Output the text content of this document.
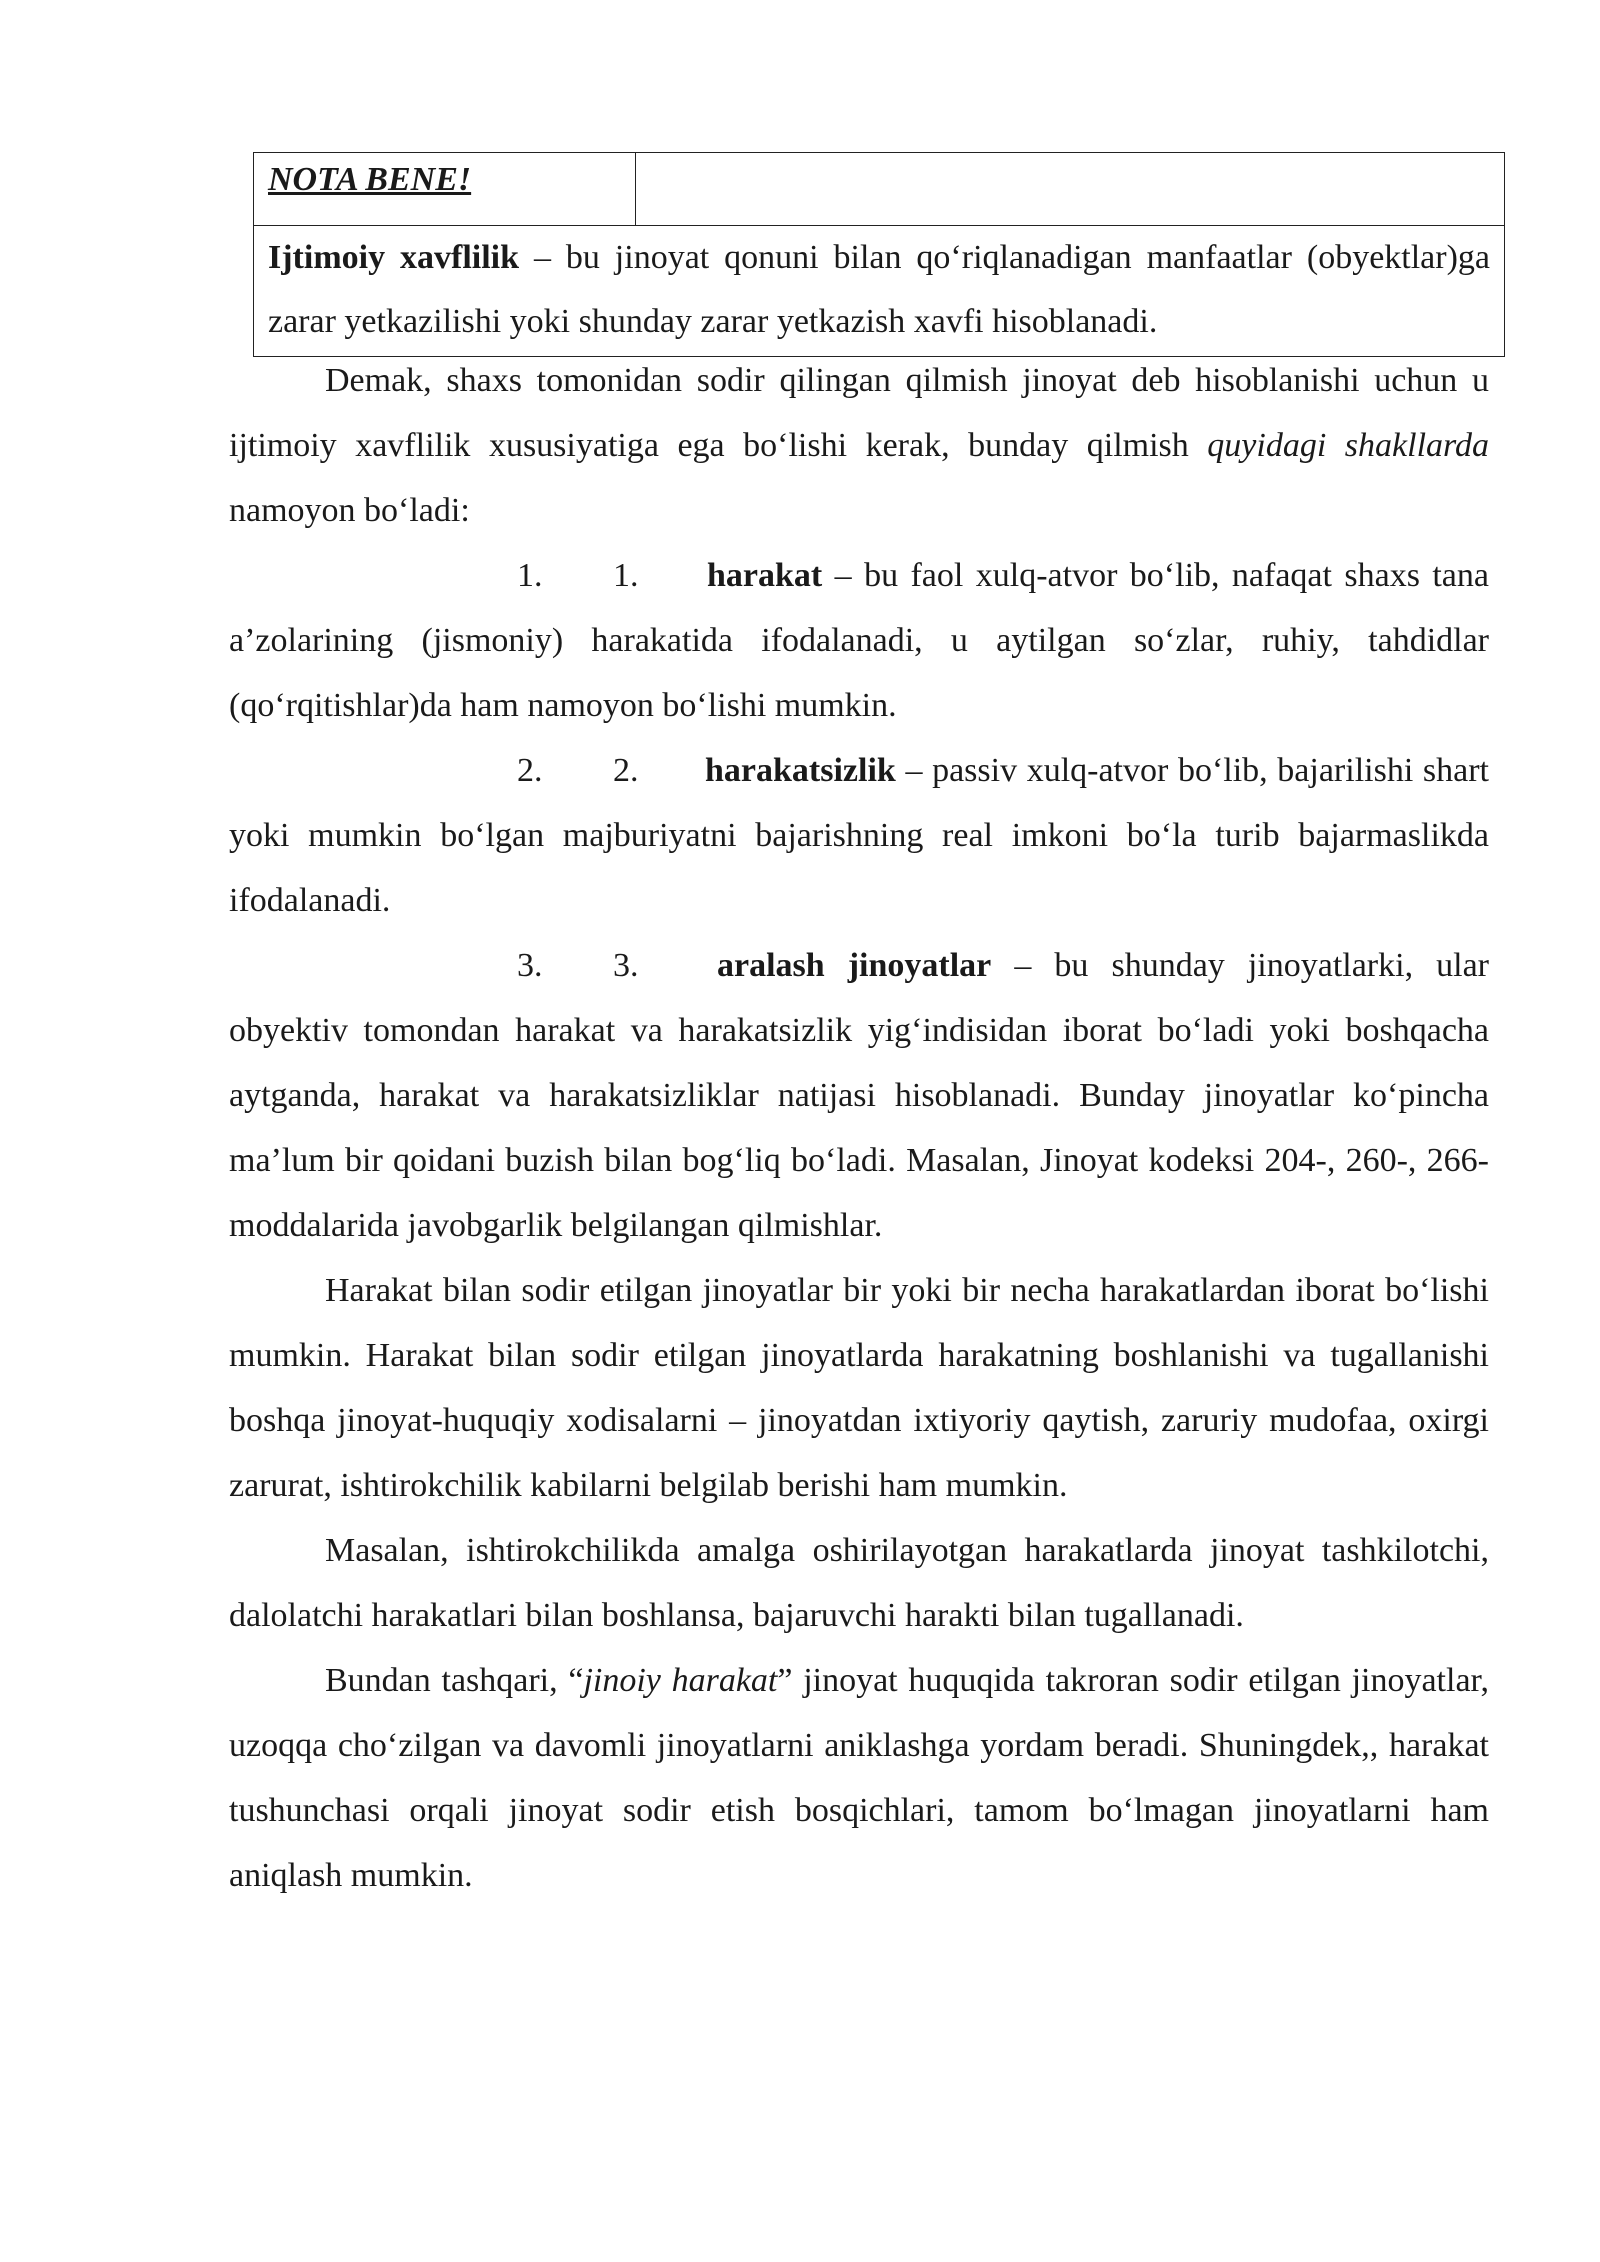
NOTA BENE!
Ijtimoiy xavflilik – bu jinoyat qonuni bilan qo‘riqlanadigan manfaatlar (obyektlar)ga zarar yetkazilishi yoki shunday zarar yetkazish xavfi hisoblanadi.

Demak, shaxs tomonidan sodir qilingan qilmish jinoyat deb hisoblanishi uchun u ijtimoiy xavflilik xususiyatiga ega bo‘lishi kerak, bunday qilmish quyidagi shakllarda namoyon bo‘ladi:

1. 1. harakat – bu faol xulq-atvor bo‘lib, nafaqat shaxs tana a’zolarining (jismoniy) harakatida ifodalanadi, u aytilgan so‘zlar, ruhiy, tahdidlar (qo‘rqitishlar)da ham namoyon bo‘lishi mumkin.

2. 2. harakatsizlik – passiv xulq-atvor bo‘lib, bajarilishi shart yoki mumkin bo‘lgan majburiyatni bajarishning real imkoni bo‘la turib bajarmaslikda ifodalanadi.

3. 3. aralash jinoyatlar – bu shunday jinoyatlarki, ular obyektiv tomondan harakat va harakatsizlik yig‘indisidan iborat bo‘ladi yoki boshqacha aytganda, harakat va harakatsizliklar natijasi hisoblanadi. Bunday jinoyatlar ko‘pincha ma’lum bir qoidani buzish bilan bog‘liq bo‘ladi. Masalan, Jinoyat kodeksi 204-, 260-, 266- moddalarida javobgarlik belgilangan qilmishlar.

Harakat bilan sodir etilgan jinoyatlar bir yoki bir necha harakatlardan iborat bo‘lishi mumkin. Harakat bilan sodir etilgan jinoyatlarda harakatning boshlanishi va tugallanishi boshqa jinoyat-huquqiy xodisalarni – jinoyatdan ixtiyoriy qaytish, zaruriy mudofaa, oxirgi zarurat, ishtirokchilik kabilarni belgilab berishi ham mumkin.

Masalan, ishtirokchilikda amalga oshirilayotgan harakatlarda jinoyat tashkilotchi, dalolatchi harakatlari bilan boshlansa, bajaruvchi harakti bilan tugallanadi.

Bundan tashqari, “jinoiy harakat” jinoyat huquqida takroran sodir etilgan jinoyatlar, uzoqqa cho‘zilgan va davomli jinoyatlarni aniklashga yordam beradi. Shuningdek,, harakat tushunchasi orqali jinoyat sodir etish bosqichlari, tamom bo‘lmagan jinoyatlarni ham aniqlash mumkin.
